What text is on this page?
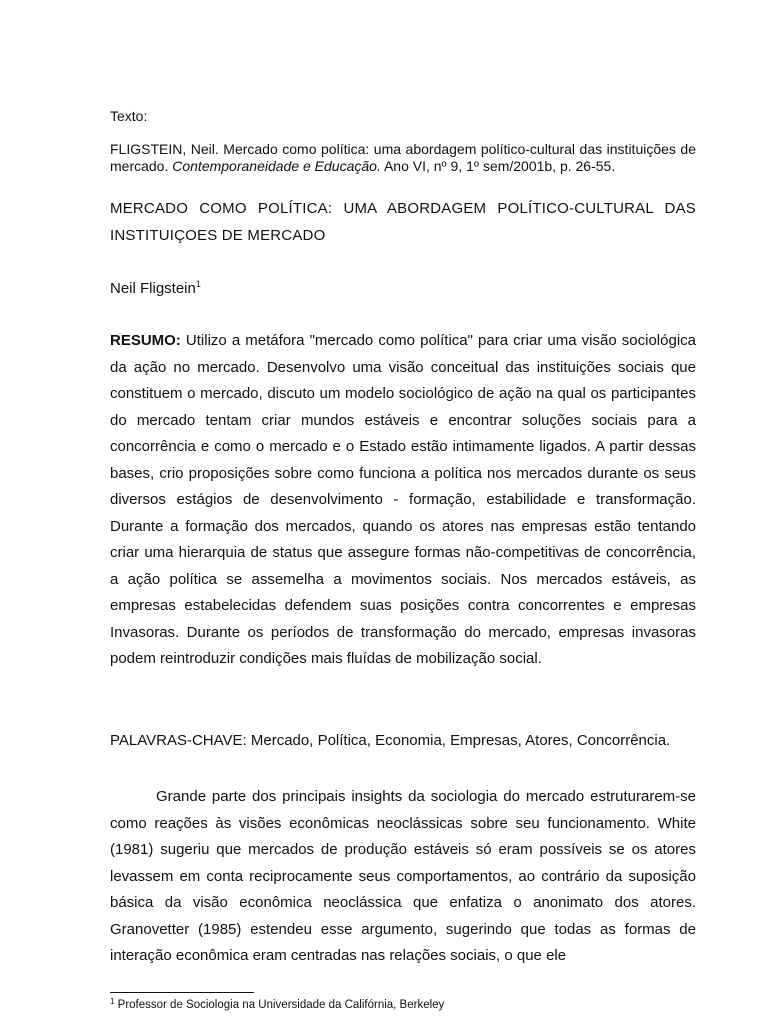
Texto:
FLIGSTEIN, Neil. Mercado como política: uma abordagem político-cultural das instituições de mercado. Contemporaneidade e Educação. Ano VI, nº 9, 1º sem/2001b, p. 26-55.
MERCADO COMO POLÍTICA: UMA ABORDAGEM POLÍTICO-CULTURAL DAS INSTITUIÇOES DE MERCADO
Neil Fligstein$^1$
RESUMO: Utilizo a metáfora "mercado como política" para criar uma visão sociológica da ação no mercado. Desenvolvo uma visão conceitual das instituições sociais que constituem o mercado, discuto um modelo sociológico de ação na qual os participantes do mercado tentam criar mundos estáveis e encontrar soluções sociais para a concorrência e como o mercado e o Estado estão intimamente ligados. A partir dessas bases, crio proposições sobre como funciona a política nos mercados durante os seus diversos estágios de desenvolvimento - formação, estabilidade e transformação. Durante a formação dos mercados, quando os atores nas empresas estão tentando criar uma hierarquia de status que assegure formas não-competitivas de concorrência, a ação política se assemelha a movimentos sociais. Nos mercados estáveis, as empresas estabelecidas defendem suas posições contra concorrentes e empresas Invasoras. Durante os períodos de transformação do mercado, empresas invasoras podem reintroduzir condições mais fluídas de mobilização social.
PALAVRAS-CHAVE: Mercado, Política, Economia, Empresas, Atores, Concorrência.
Grande parte dos principais insights da sociologia do mercado estruturarem-se como reações às visões econômicas neoclássicas sobre seu funcionamento. White (1981) sugeriu que mercados de produção estáveis só eram possíveis se os atores levassem em conta reciprocamente seus comportamentos, ao contrário da suposição básica da visão econômica neoclássica que enfatiza o anonimato dos atores. Granovetter (1985) estendeu esse argumento, sugerindo que todas as formas de interação econômica eram centradas nas relações sociais, o que ele
$^1$ Professor de Sociologia na Universidade da Califórnia, Berkeley
